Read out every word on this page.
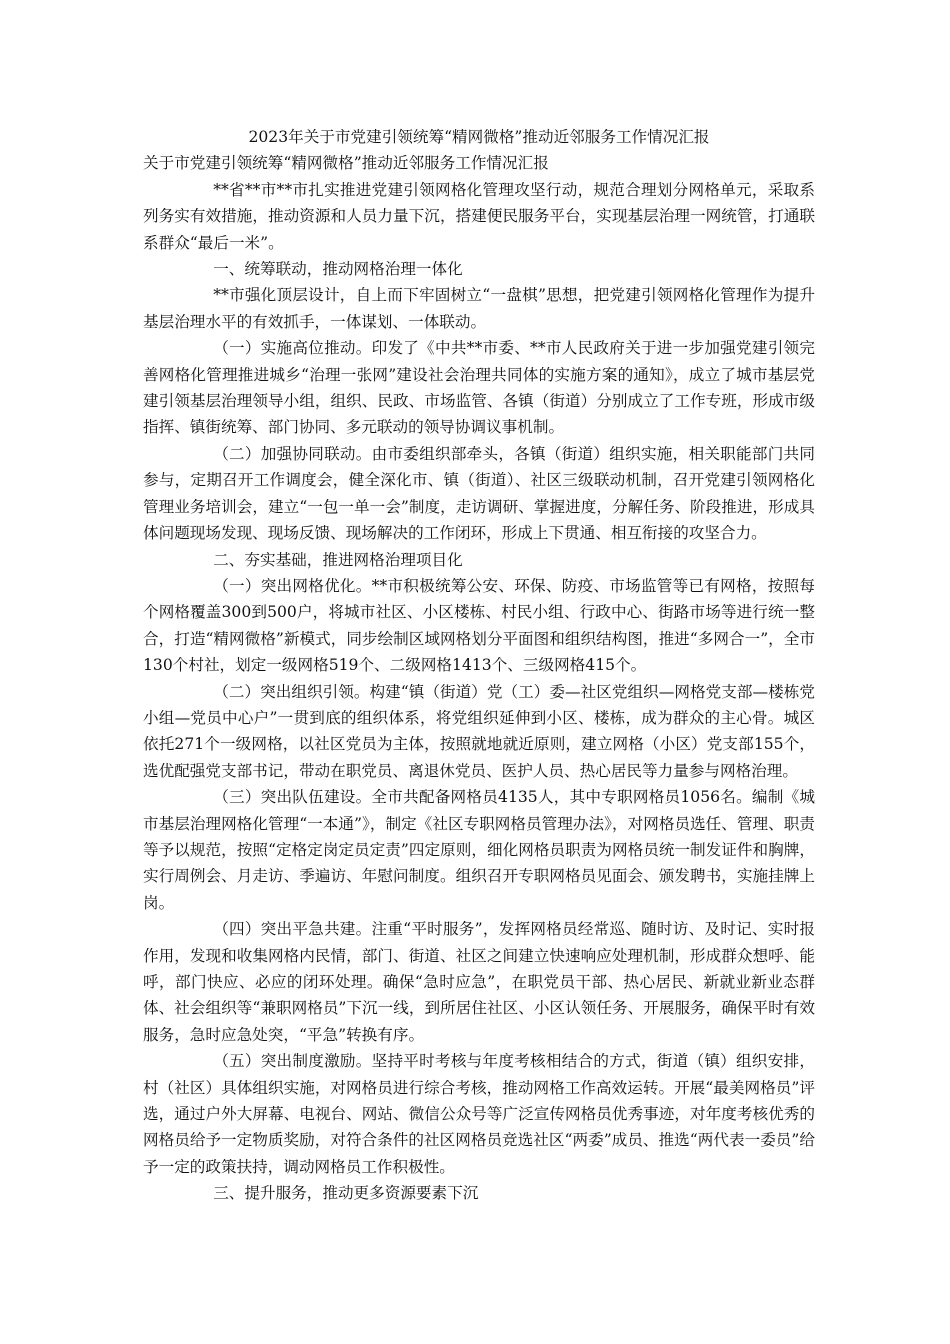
2023年关于市党建引领统筹“精网微格”推动近邻服务工作情况汇报

关于市党建引领统筹“精网微格”推动近邻服务工作情况汇报

**省**市**市扎实推进党建引领网格化管理攻坚行动，规范合理划分网格单元，采取系列务实有效措施，推动资源和人员力量下沉，搭建便民服务平台，实现基层治理一网统管，打通联系群众“最后一米”。

一、统筹联动，推动网格治理一体化

**市强化顶层设计，自上而下牢固树立“一盘棋”思想，把党建引领网格化管理作为提升基层治理水平的有效抓手，一体谋划、一体联动。

（一）实施高位推动。印发了《中共**市委、**市人民政府关于进一步加强党建引领完善网格化管理推进城乡“治理一张网”建设社会治理共同体的实施方案的通知》，成立了城市基层党建引领基层治理领导小组，组织、民政、市场监管、各镇（街道）分别成立了工作专班，形成市级指挥、镇街统筹、部门协同、多元联动的领导协调议事机制。

（二）加强协同联动。由市委组织部牵头，各镇（街道）组织实施，相关职能部门共同参与，定期召开工作调度会，健全深化市、镇（街道）、社区三级联动机制，召开党建引领网格化管理业务培训会，建立“一包一单一会”制度，走访调研、掌握进度，分解任务、阶段推进，形成具体问题现场发现、现场反馈、现场解决的工作闭环，形成上下贯通、相互衔接的攻坚合力。

二、夯实基础，推进网格治理项目化

（一）突出网格优化。**市积极统筹公安、环保、防疫、市场监管等已有网格，按照每个网格覆盖300到500户，将城市社区、小区楼栋、村民小组、行政中心、街路市场等进行统一整合，打造“精网微格”新模式，同步绘制区域网格划分平面图和组织结构图，推进“多网合一”，全市130个村社，划定一级网格519个、二级网格1413个、三级网格415个。

（二）突出组织引领。构建“镇（街道）党（工）委—社区党组织—网格党支部—楼栋党小组—党员中心户”一贯到底的组织体系，将党组织延伸到小区、楼栋，成为群众的主心骨。城区依托271个一级网格，以社区党员为主体，按照就地就近原则，建立网格（小区）党支部155个，选优配强党支部书记，带动在职党员、离退休党员、医护人员、热心居民等力量参与网格治理。

（三）突出队伍建设。全市共配备网格员4135人，其中专职网格员1056名。编制《城市基层治理网格化管理“一本通”》，制定《社区专职网格员管理办法》，对网格员选任、管理、职责等予以规范，按照“定格定岗定员定责”四定原则，细化网格员职责为网格员统一制发证件和胸牌，实行周例会、月走访、季遍访、年慰问制度。组织召开专职网格员见面会、颁发聘书，实施挂牌上岗。

（四）突出平急共建。注重“平时服务”，发挥网格员经常巡、随时访、及时记、实时报作用，发现和收集网格内民情，部门、街道、社区之间建立快速响应处理机制，形成群众想呼、能呼，部门快应、必应的闭环处理。确保“急时应急”，在职党员干部、热心居民、新就业新业态群体、社会组织等“兼职网格员”下沉一线，到所居住社区、小区认领任务、开展服务，确保平时有效服务，急时应急处突，“平急”转换有序。

（五）突出制度激励。坚持平时考核与年度考核相结合的方式，街道（镇）组织安排，村（社区）具体组织实施，对网格员进行综合考核，推动网格工作高效运转。开展“最美网格员”评选，通过户外大屏幕、电视台、网站、微信公众号等广泛宣传网格员优秀事迹，对年度考核优秀的网格员给予一定物质奖励，对符合条件的社区网格员竞选社区“两委”成员、推选“两代表一委员”给予一定的政策扶持，调动网格员工作积极性。

三、提升服务，推动更多资源要素下沉
